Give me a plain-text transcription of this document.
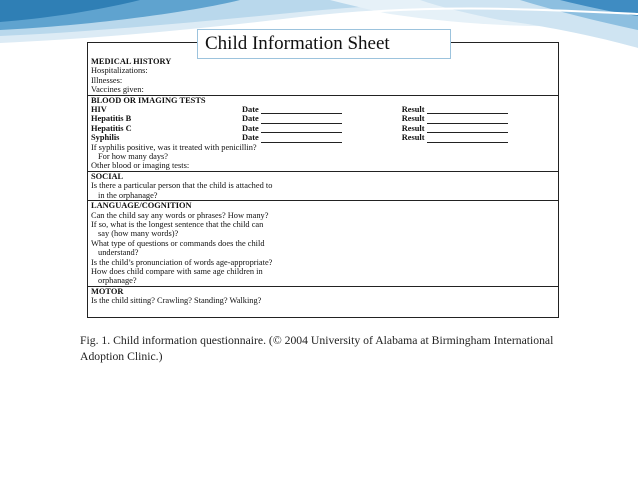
MEDICAL HISTORY
Hospitalizations:
Illnesses:
Vaccines given:
BLOOD OR IMAGING TESTS
HIV	Date	Result
Hepatitis B	Date	Result
Hepatitis C	Date	Result
Syphilis	Date	Result
If syphilis positive, was it treated with penicillin?
For how many days?
Other blood or imaging tests:
SOCIAL
Is there a particular person that the child is attached to
in the orphanage?
LANGUAGE/COGNITION
Can the child say any words or phrases? How many?
If so, what is the longest sentence that the child can
say (how many words)?
What type of questions or commands does the child
understand?
Is the child’s pronunciation of words age-appropriate?
How does child compare with same age children in
orphanage?
MOTOR
Is the child sitting? Crawling? Standing? Walking?
Child Information Sheet
Fig. 1. Child information questionnaire. (© 2004 University of Alabama at Birmingham International
Adoption Clinic.)
